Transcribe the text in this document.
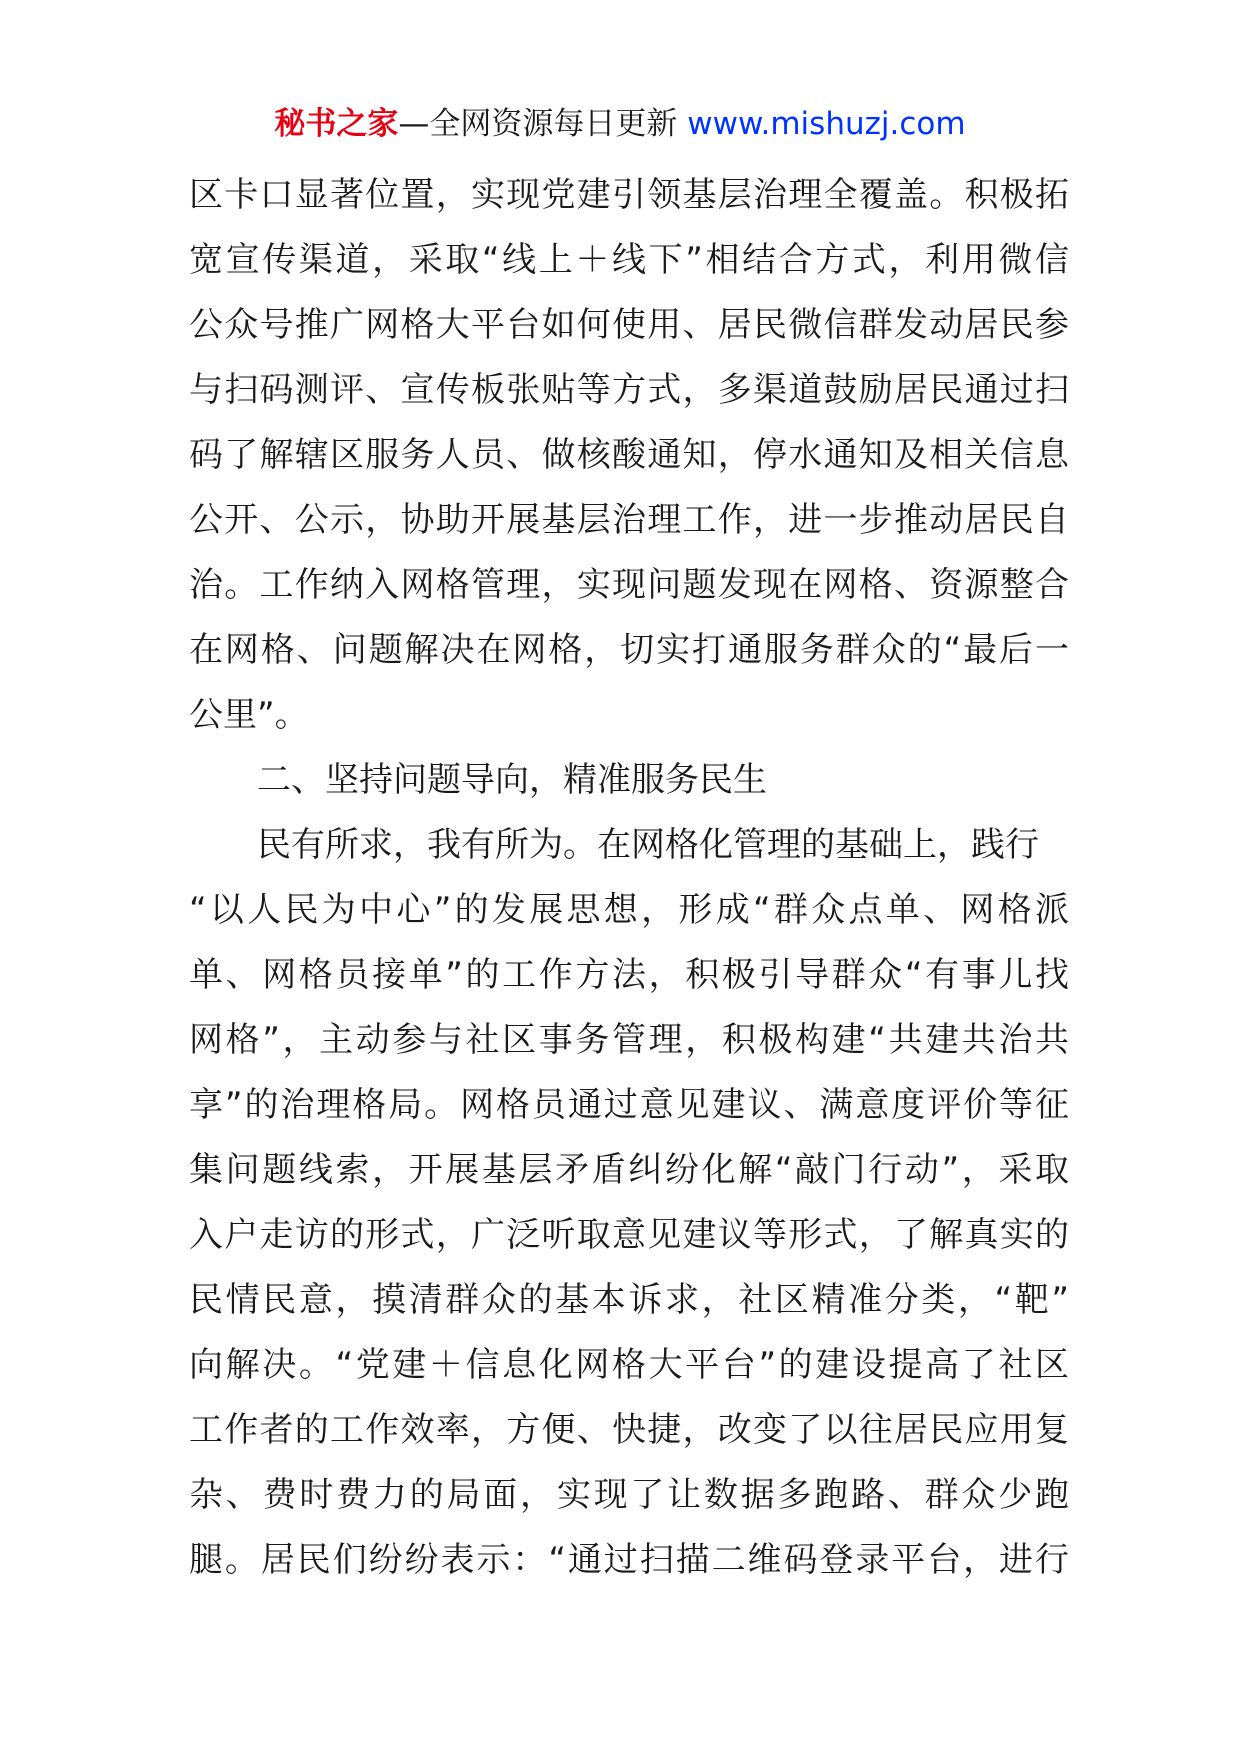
秘书之家—全网资源每日更新 www.mishuzj.com
区卡口显著位置，实现党建引领基层治理全覆盖。积极拓
宽宣传渠道，采取“线上＋线下”相结合方式，利用微信
公众号推广网格大平台如何使用、居民微信群发动居民参
与扫码测评、宣传板张贴等方式，多渠道鼓励居民通过扫
码了解辖区服务人员、做核酸通知，停水通知及相关信息
公开、公示，协助开展基层治理工作，进一步推动居民自
治。工作纳入网格管理，实现问题发现在网格、资源整合
在网格、问题解决在网格，切实打通服务群众的“最后一
公里”。
二、坚持问题导向，精准服务民生
民有所求，我有所为。在网格化管理的基础上，践行
“以人民为中心”的发展思想，形成“群众点单、网格派
单、网格员接单”的工作方法，积极引导群众“有事儿找
网格”，主动参与社区事务管理，积极构建“共建共治共
享”的治理格局。网格员通过意见建议、满意度评价等征
集问题线索，开展基层矛盾纠纷化解“敲门行动”，采取
入户走访的形式，广泛听取意见建议等形式，了解真实的
民情民意，摸清群众的基本诉求，社区精准分类，“靶”
向解决。“党建＋信息化网格大平台”的建设提高了社区
工作者的工作效率，方便、快捷，改变了以往居民应用复
杂、费时费力的局面，实现了让数据多跑路、群众少跑
腿。居民们纷纷表示：“通过扫描二维码登录平台，进行
